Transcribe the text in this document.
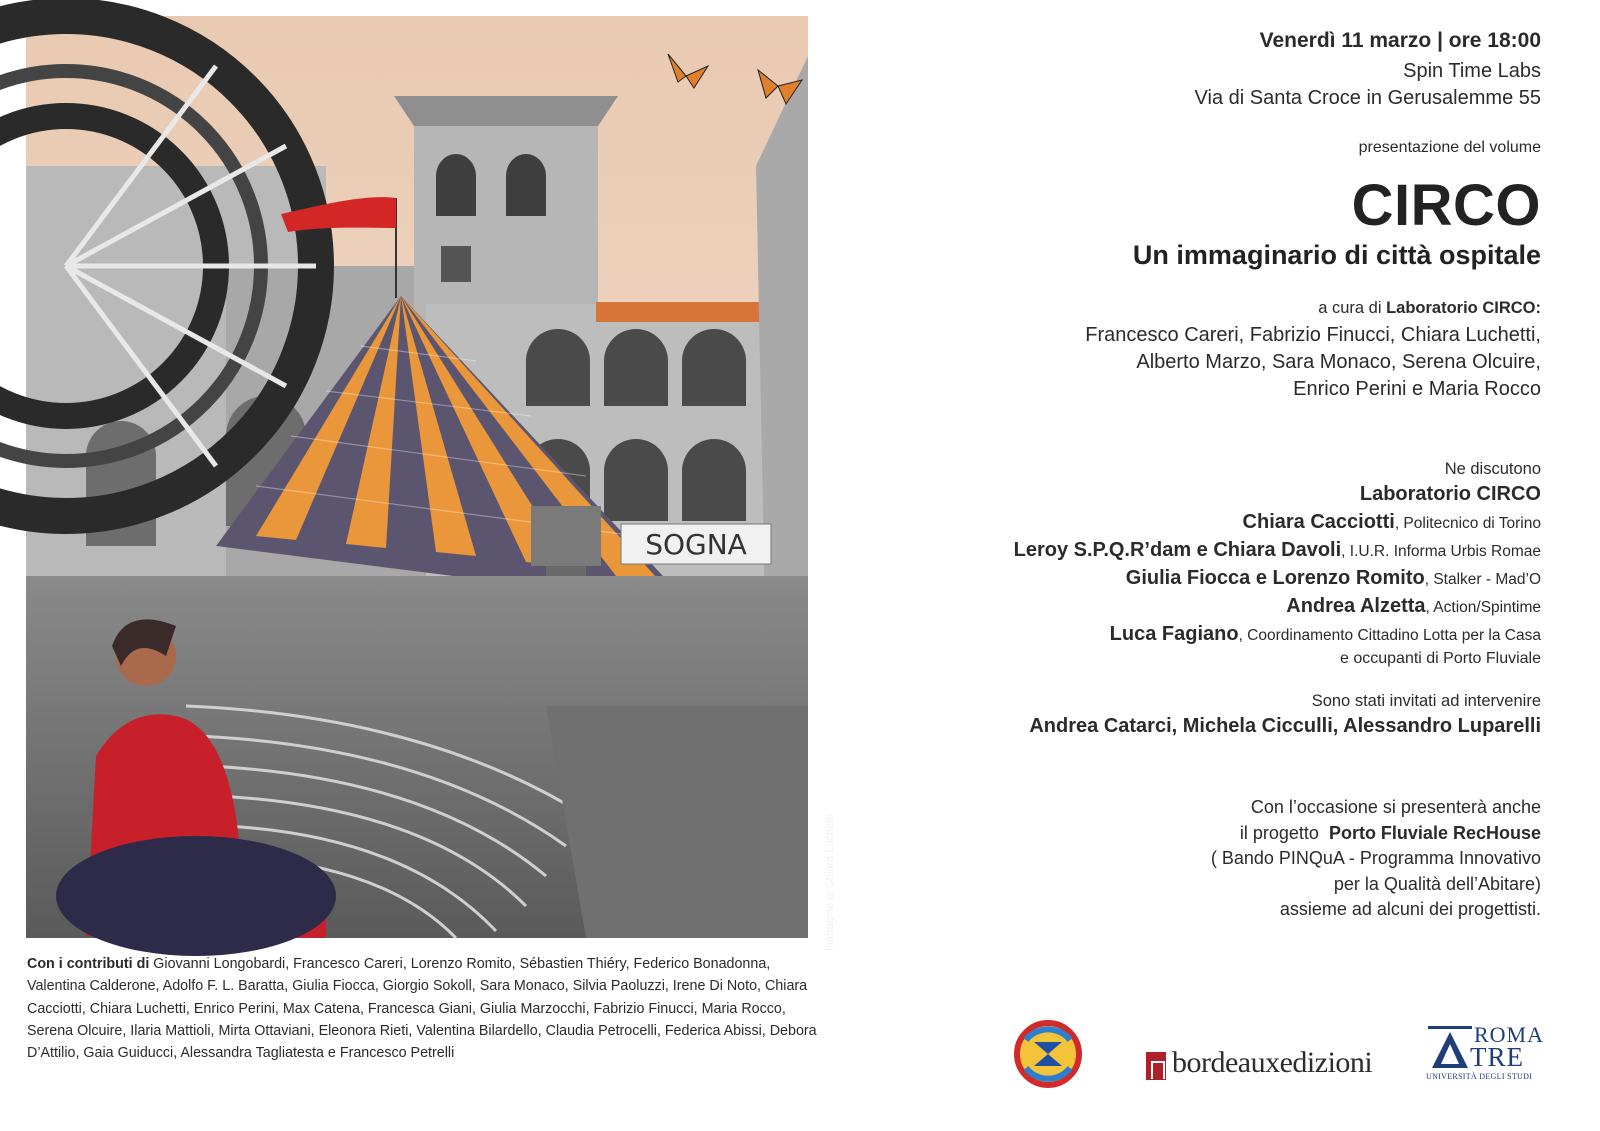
SOGNA
Immagine di Chiara Luchetti
Con i contributi di Giovanni Longobardi, Francesco Careri, Lorenzo Romito, Sébastien Thiéry, Federico Bonadonna, Valentina Calderone, Adolfo F. L. Baratta, Giulia Fiocca, Giorgio Sokoll, Sara Monaco, Silvia Paoluzzi, Irene Di Noto, Chiara Cacciotti, Chiara Luchetti, Enrico Perini, Max Catena, Francesca Giani, Giulia Marzocchi, Fabrizio Finucci, Maria Rocco, Serena Olcuire, Ilaria Mattioli, Mirta Ottaviani, Eleonora Rieti, Valentina Bilardello, Claudia Petrocelli, Federica Abissi, Debora D’Attilio, Gaia Guiducci, Alessandra Tagliatesta e Francesco Petrelli
Venerdì 11 marzo | ore 18:00
Spin Time Labs
Via di Santa Croce in Gerusalemme 55
presentazione del volume
CIRCO
Un immaginario di città ospitale
a cura di Laboratorio CIRCO:
Francesco Careri, Fabrizio Finucci, Chiara Luchetti,
Alberto Marzo, Sara Monaco, Serena Olcuire,
Enrico Perini e Maria Rocco
Ne discutono
Laboratorio CIRCO
Chiara Cacciotti, Politecnico di Torino
Leroy S.P.Q.R’dam e Chiara Davoli, I.U.R. Informa Urbis Romae
Giulia Fiocca e Lorenzo Romito, Stalker - Mad’O
Andrea Alzetta, Action/Spintime
Luca Fagiano, Coordinamento Cittadino Lotta per la Casa
e occupanti di Porto Fluviale
Sono stati invitati ad intervenire
Andrea Catarci, Michela Cicculli, Alessandro Luparelli
Con l’occasione si presenterà anche
il progetto  Porto Fluviale RecHouse
( Bando PINQuA - Programma Innovativo
per la Qualità dell’Abitare)
assieme ad alcuni dei progettisti.
bordeauxedizioni
ROMA
TRE
UNIVERSITÀ DEGLI STUDI
